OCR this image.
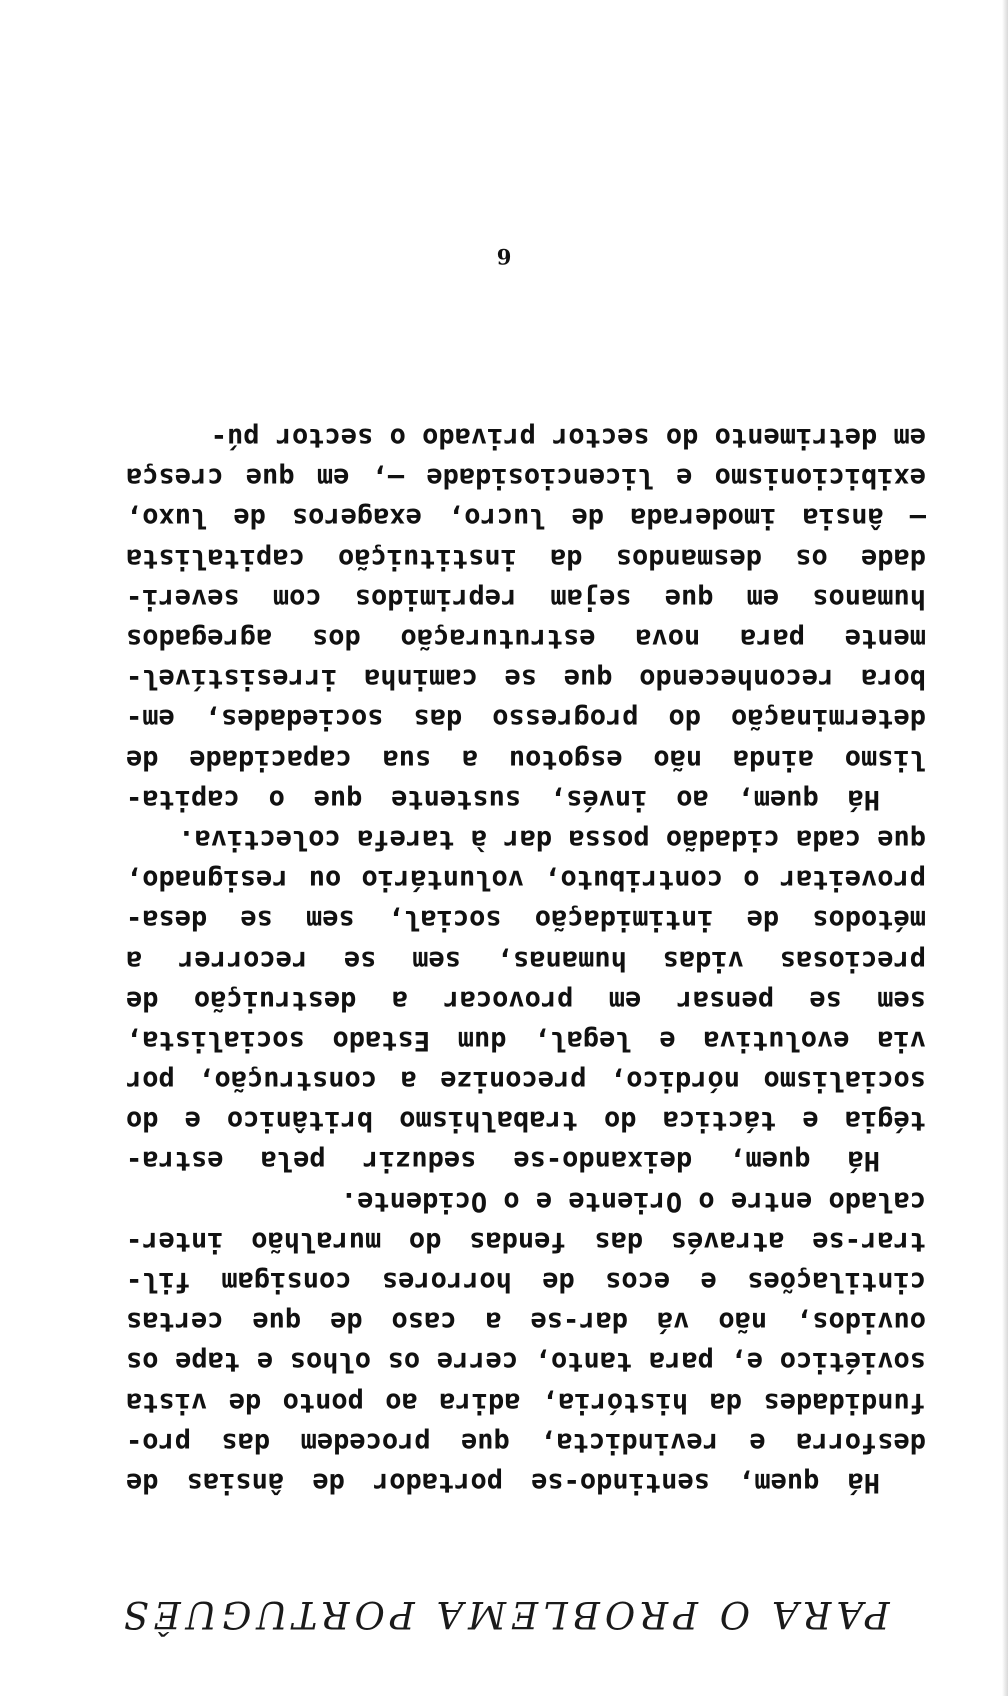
PARA O PROBLEMA PORTUGUÊS
Há quem, sentindo-se portador de ânsias de
desforra e revindicta, que procedem das pro-
fundidades da história, adira ao ponto de vista
soviético e, para tanto, cerre os olhos e tape os
ouvidos, não vá dar-se a caso de que certas
cintilações e ecos de horrores consigam fil-
trar-se através das fendas do muralhão inter-
calado entre o Oriente e o Ocidente.
Há quem, deixando-se seduzir pela estra-
tégia e táctica do trabalhismo britânico e do
socialismo nórdico, preconize a construção, por
via evolutiva e legal, dum Estado socialista,
sem se pensar em provocar a destruição de
preciosas vidas humanas, sem se recorrer a
métodos de intimidação social, sem se desa-
proveitar o contributo, voluntário ou resignado,
que cada cidadão possa dar à tarefa colectiva.
Há quem, ao invés, sustente que o capita-
lismo ainda não esgotou a sua capacidade de
determinação do progresso das sociedades, em-
bora reconhecendo que se caminha irresistível-
mente para nova estruturação dos agregados
humanos em que sejam reprimidos com severi-
dade os desmandos da instituição capitalista
— ânsia imoderada de lucro, exageros de luxo,
exibicionismo e licenciosidade —, em que cresça
em detrimento do sector privado o sector pú-
6
